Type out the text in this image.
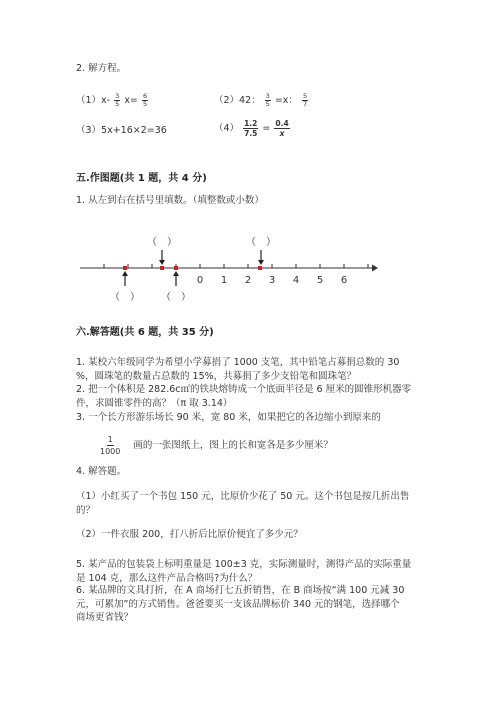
2. 解方程。
$(1)x- \frac{3}{5} x= \frac{6}{5}$	（2）42： $\frac{3}{5} =x$： $\frac{5}{7}$
（3）5x+16×2=36	$(4) \frac{1.2}{7.5} = \frac{0.4}{x}$
五.作图题(共 1 题，共 4 分)
1. 从左到右在括号里填数。（填整数或小数）
（　）	（　）
（　） （　）
0 1 2 3 4 5 6
六.解答题(共 6 题，共 35 分)
1. 某校六年级同学为希望小学募捐了 1000 支笔，其中铅笔占募捐总数的 30
%，圆珠笔的数量占总数的 15%，共募捐了多少支铅笔和圆珠笔？
2. 把一个体积是 282.6c㎡的铁块熔铸成一个底面半径是 6 厘米的圆锥形机器零
件，求圆锥零件的高？（π 取 3.14）
3. 一个长方形游乐场长 90 米，宽 80 米，如果把它的各边缩小到原来的
$\frac{1}{1000}$ 画的一张图纸上，图上的长和宽各是多少厘米？
4. 解答题。
（1）小红买了一个书包 150 元，比原价少花了 50 元。这个书包是按几折出售
的？
（2）一件衣服 200，打八折后比原价便宜了多少元？
5. 某产品的包装袋上标明重量是 100±3 克，实际测量时，测得产品的实际重量
是 104 克，那么这件产品合格吗?为什么？
6. 某品牌的文具打折，在 A 商场打七五折销售，在 B 商场按“满 100 元减 30
元，可累加”的方式销售。爸爸要买一支该品牌标价 340 元的钢笔，选择哪个
商场更省钱？
